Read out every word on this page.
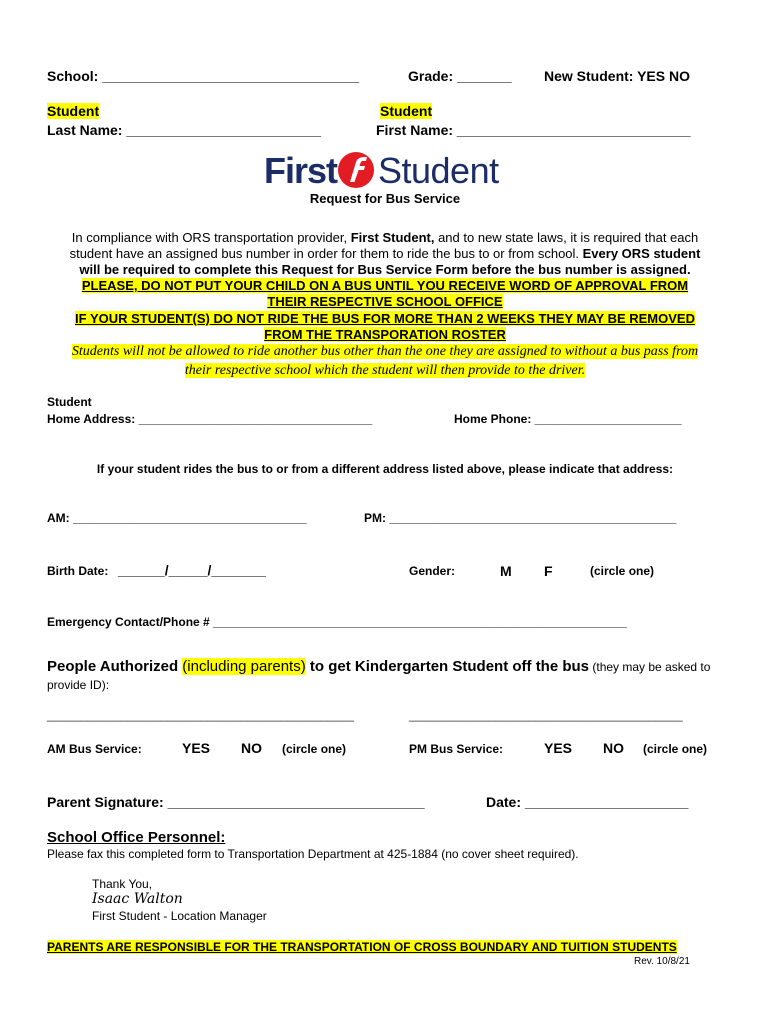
School: _________________________________	Grade: _______ New Student: YES NO
Student
Last Name: _________________________
Student
First Name: ______________________________
First Student
Request for Bus Service
In compliance with ORS transportation provider, First Student, and to new state laws, it is required that each
student have an assigned bus number in order for them to ride the bus to or from school. Every ORS student
will be required to complete this Request for Bus Service Form before the bus number is assigned.
PLEASE, DO NOT PUT YOUR CHILD ON A BUS UNTIL YOU RECEIVE WORD OF APPROVAL FROM
THEIR RESPECTIVE SCHOOL OFFICE
IF YOUR STUDENT(S) DO NOT RIDE THE BUS FOR MORE THAN 2 WEEKS THEY MAY BE REMOVED
FROM THE TRANSPORATION ROSTER
Students will not be allowed to ride another bus other than the one they are assigned to without a bus pass from
their respective school which the student will then provide to the driver.
Student
Home Address: ___________________________________	Home Phone: ______________________
If your student rides the bus to or from a different address listed above, please indicate that address:
AM: ___________________________________	PM: ___________________________________________
Birth Date: ______/_____/_______	Gender:	M F	(circle one)
Emergency Contact/Phone # ______________________________________________________________
People Authorized (including parents) to get Kindergarten Student off the bus (they may be asked to
provide ID):
______________________________________________	_________________________________________
AM Bus Service:	YES NO (circle one)	PM Bus Service:	YES NO (circle one)
Parent Signature: _________________________________	Date: _____________________
School Office Personnel:
Please fax this completed form to Transportation Department at 425-1884 (no cover sheet required).
Thank You,
Isaac Walton
First Student - Location Manager
PARENTS ARE RESPONSIBLE FOR THE TRANSPORTATION OF CROSS BOUNDARY AND TUITION STUDENTS
Rev. 10/8/21
